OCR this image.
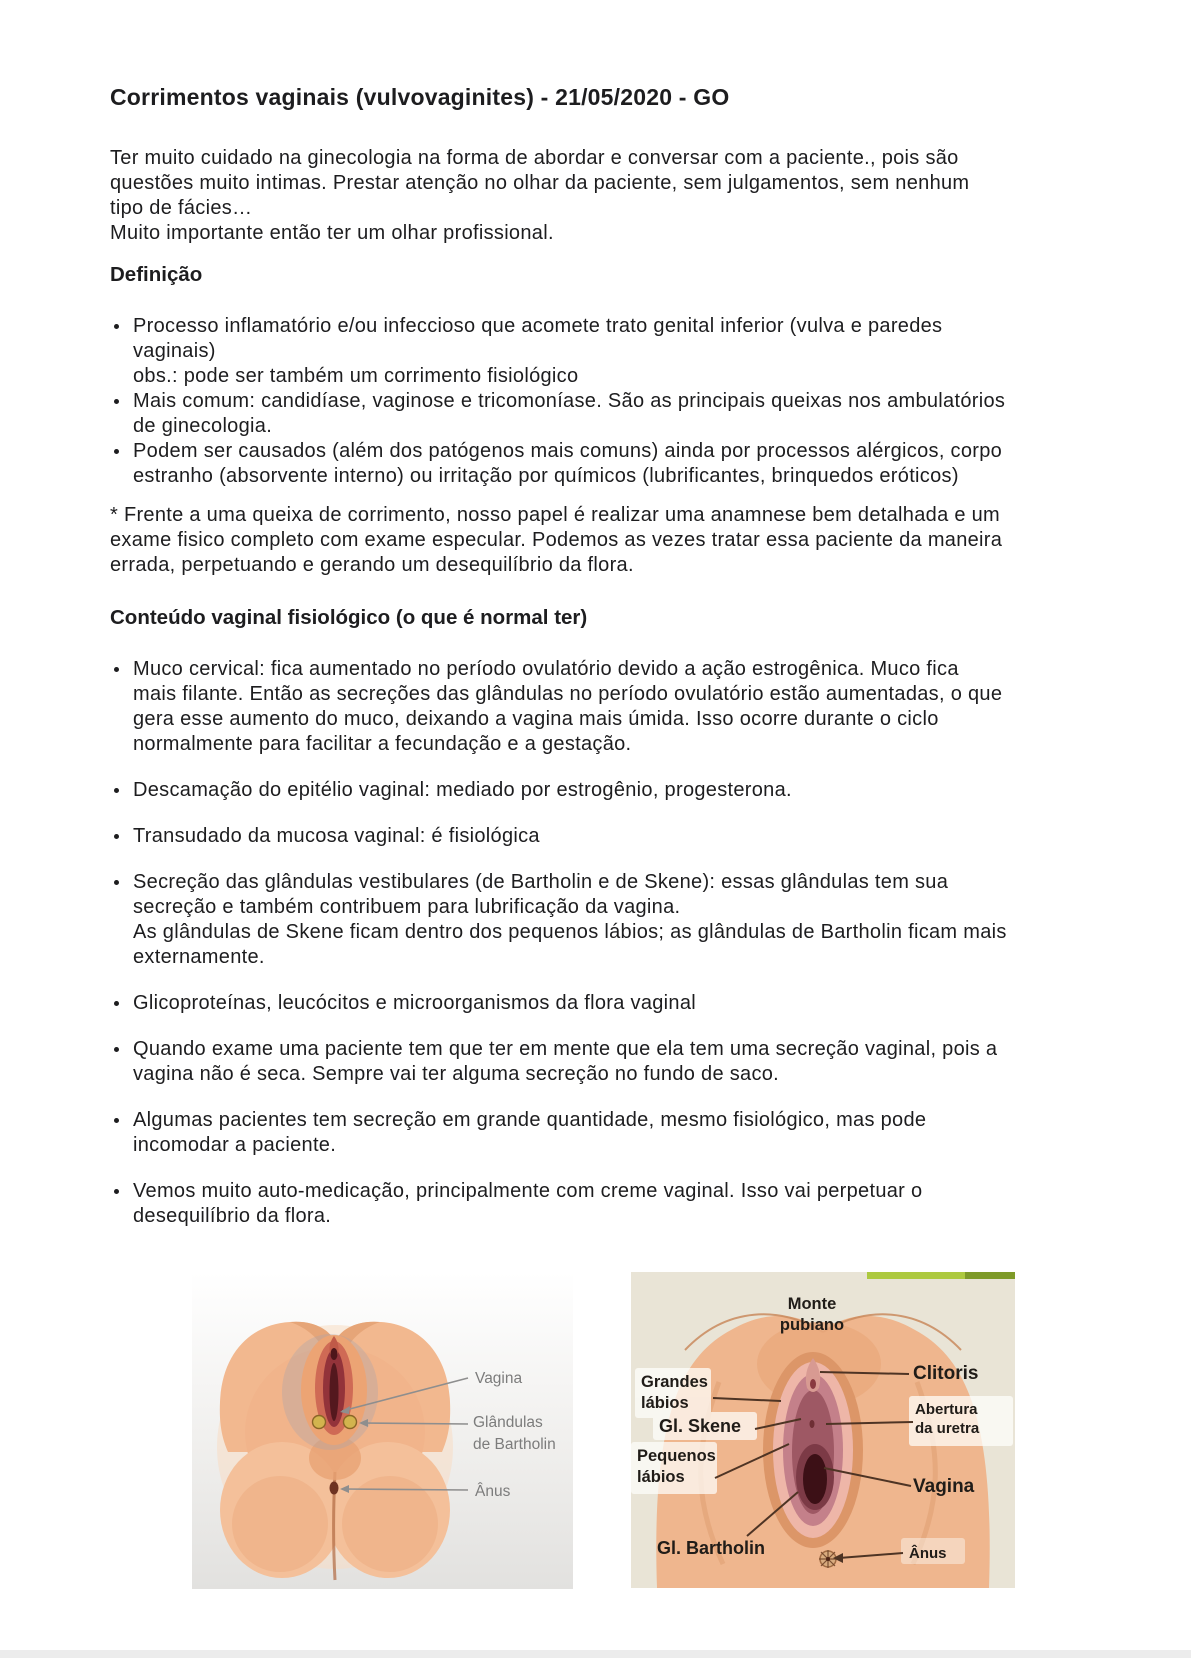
Corrimentos vaginais (vulvovaginites) - 21/05/2020 - GO

Ter muito cuidado na ginecologia na forma de abordar e conversar com a paciente., pois são
questões muito intimas. Prestar atenção no olhar da paciente, sem julgamentos, sem nenhum
tipo de fácies…
Muito importante então ter um olhar profissional.

Definição
Processo inflamatório e/ou infeccioso que acomete trato genital inferior (vulva e paredes
vaginais)
obs.: pode ser também um corrimento fisiológico
Mais comum: candidíase, vaginose e tricomoníase. São as principais queixas nos ambulatórios
de ginecologia.
Podem ser causados (além dos patógenos mais comuns) ainda por processos alérgicos, corpo
estranho (absorvente interno) ou irritação por químicos (lubrificantes, brinquedos eróticos)

* Frente a uma queixa de corrimento, nosso papel é realizar uma anamnese bem detalhada e um
exame fisico completo com exame especular. Podemos as vezes tratar essa paciente da maneira
errada, perpetuando e gerando um desequilíbrio da flora.

Conteúdo vaginal fisiológico (o que é normal ter)
Muco cervical: fica aumentado no período ovulatório devido a ação estrogênica. Muco fica
mais filante. Então as secreções das glândulas no período ovulatório estão aumentadas, o que
gera esse aumento do muco, deixando a vagina mais úmida. Isso ocorre durante o ciclo
normalmente para facilitar a fecundação e a gestação.
Descamação do epitélio vaginal: mediado por estrogênio, progesterona.
Transudado da mucosa vaginal: é fisiológica
Secreção das glândulas vestibulares (de Bartholin e de Skene): essas glândulas tem sua
secreção e também contribuem para lubrificação da vagina.
As glândulas de Skene ficam dentro dos pequenos lábios; as glândulas de Bartholin ficam mais
externamente.
Glicoproteínas, leucócitos e microorganismos da flora vaginal
Quando exame uma paciente tem que ter em mente que ela tem uma secreção vaginal, pois a
vagina não é seca. Sempre vai ter alguma secreção no fundo de saco.
Algumas pacientes tem secreção em grande quantidade, mesmo fisiológico, mas pode
incomodar a paciente.
Vemos muito auto-medicação, principalmente com creme vaginal. Isso vai perpetuar o
desequilíbrio da flora.
Vagina
Glândulas
de Bartholin
Ânus
Monte
pubiano
Grandes
lábios
Gl. Skene
Pequenos
lábios
Gl. Bartholin
Clitoris
Abertura
da uretra
Vagina
Ânus
